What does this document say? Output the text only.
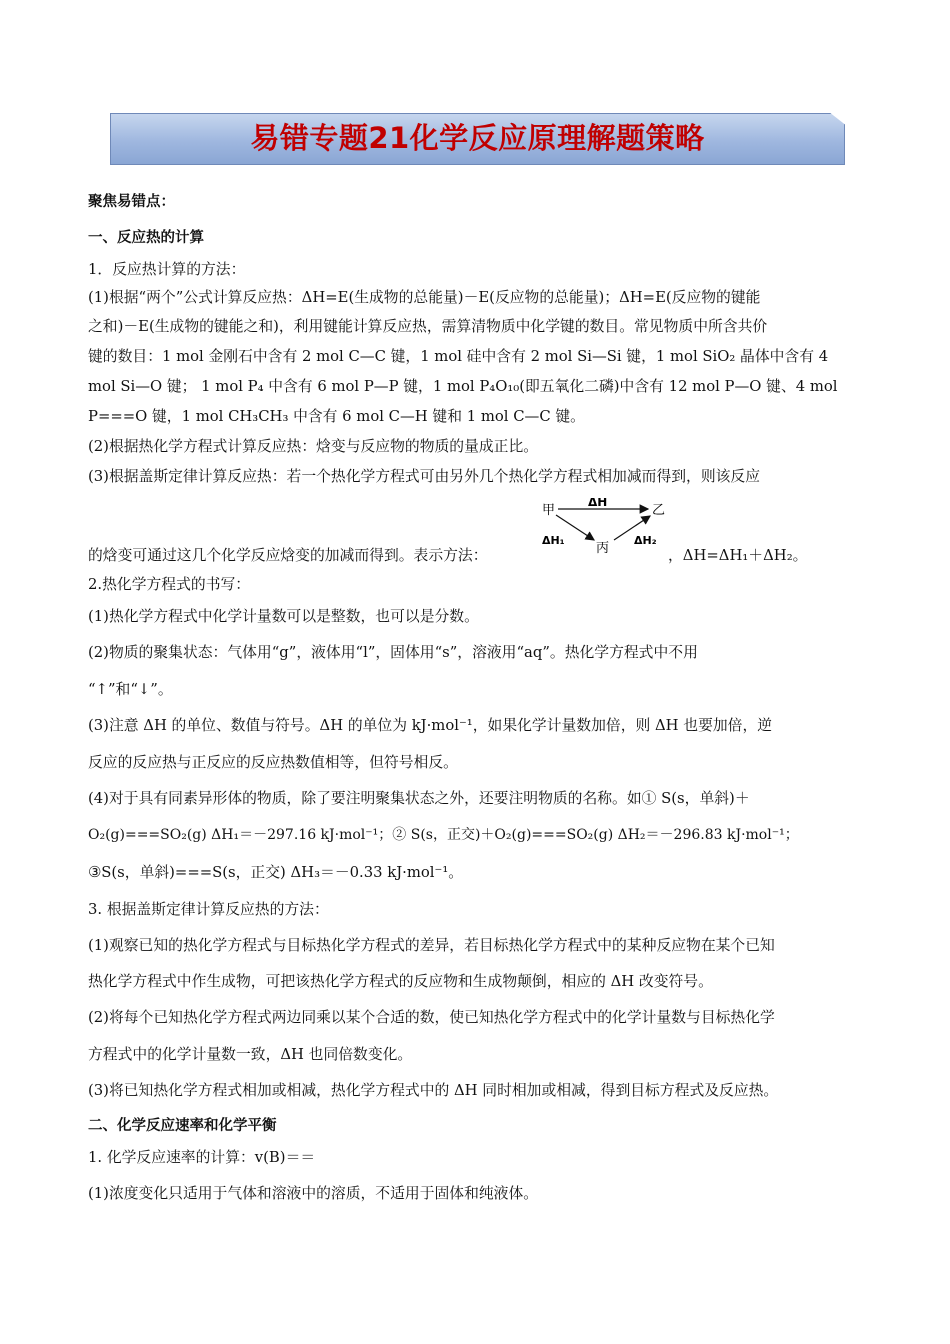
易错专题21化学反应原理解题策略
聚焦易错点：
一、反应热的计算
1．反应热计算的方法：
(1)根据“两个”公式计算反应热：ΔH=E(生成物的总能量)－E(反应物的总能量)；ΔH=E(反应物的键能
之和)－E(生成物的键能之和)，利用键能计算反应热，需算清物质中化学键的数目。常见物质中所含共价
键的数目：1 mol 金刚石中含有 2 mol C—C 键，1 mol 硅中含有 2 mol Si—Si 键，1 mol SiO₂ 晶体中含有 4
mol Si—O 键； 1 mol P₄ 中含有 6 mol P—P 键，1 mol P₄O₁₀(即五氧化二磷)中含有 12 mol P—O 键、4 mol
P===O 键，1 mol CH₃CH₃ 中含有 6 mol C—H 键和 1 mol C—C 键。
(2)根据热化学方程式计算反应热：焓变与反应物的物质的量成正比。
(3)根据盖斯定律计算反应热：若一个热化学方程式可由另外几个热化学方程式相加减而得到，则该反应
的焓变可通过这几个化学反应焓变的加减而得到。表示方法：	，ΔH=ΔH₁＋ΔH₂。
甲	乙
丙
ΔH
ΔH₁	ΔH₂
2.热化学方程式的书写：
(1)热化学方程式中化学计量数可以是整数，也可以是分数。
(2)物质的聚集状态：气体用“g”，液体用“l”，固体用“s”，溶液用“aq”。热化学方程式中不用
“↑”和“↓”。
(3)注意 ΔH 的单位、数值与符号。ΔH 的单位为 kJ·mol⁻¹，如果化学计量数加倍，则 ΔH 也要加倍，逆
反应的反应热与正反应的反应热数值相等，但符号相反。
(4)对于具有同素异形体的物质，除了要注明聚集状态之外，还要注明物质的名称。如① S(s，单斜)＋
O₂(g)===SO₂(g) ΔH₁＝－297.16 kJ·mol⁻¹；② S(s，正交)＋O₂(g)===SO₂(g) ΔH₂＝－296.83 kJ·mol⁻¹；
③S(s，单斜)===S(s，正交) ΔH₃＝－0.33 kJ·mol⁻¹。
3. 根据盖斯定律计算反应热的方法：
(1)观察已知的热化学方程式与目标热化学方程式的差异，若目标热化学方程式中的某种反应物在某个已知
热化学方程式中作生成物，可把该热化学方程式的反应物和生成物颠倒，相应的 ΔH 改变符号。
(2)将每个已知热化学方程式两边同乘以某个合适的数，使已知热化学方程式中的化学计量数与目标热化学
方程式中的化学计量数一致，ΔH 也同倍数变化。
(3)将已知热化学方程式相加或相减，热化学方程式中的 ΔH 同时相加或相减，得到目标方程式及反应热。
二、化学反应速率和化学平衡
1. 化学反应速率的计算：v(B)＝＝
(1)浓度变化只适用于气体和溶液中的溶质，不适用于固体和纯液体。
